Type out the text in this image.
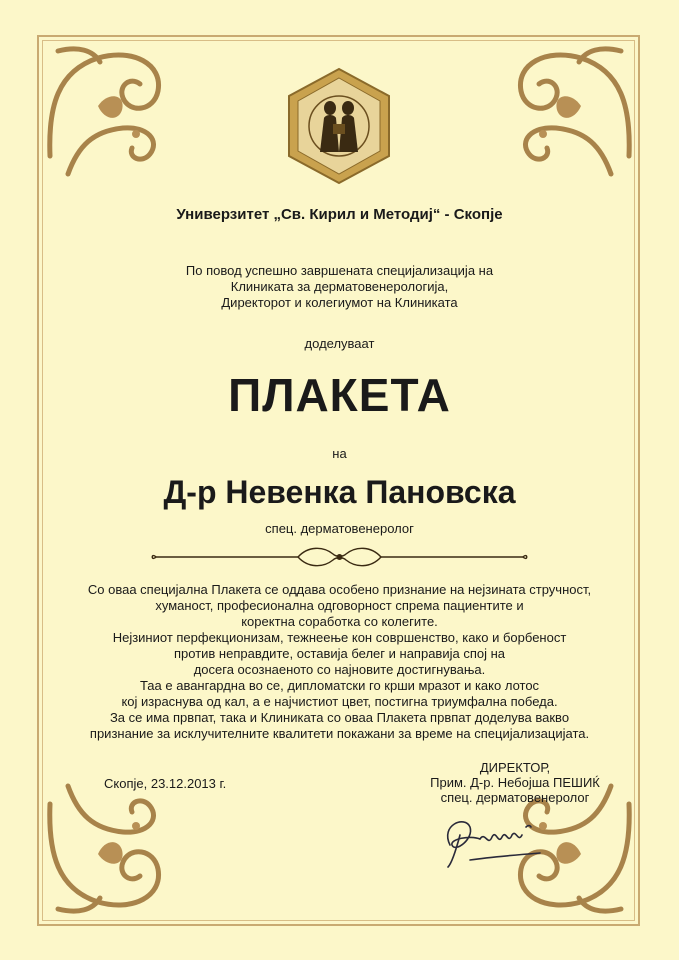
Универзитет „Св. Кирил и Методиј“ - Скопје
По повод успешно завршената специјализација на
Клиниката за дерматовенерологија,
Директорот и колегиумот на Клиниката
доделуваат
ПЛАКЕТА
на
Д-р Невенка Пановска
спец. дерматовенеролог
Со оваа специјална Плакета се оддава особено признание на нејзината стручност,
хуманост, професионална одговорност спрема пациентите и
коректна соработка со колегите.
Нејзиниот перфекционизам, тежнеење кон совршенство, како и борбеност
против неправдите, оставија белег и направија спој на
досега осознаеното со најновите достигнувања.
Таа е авангардна во се, дипломатски го крши мразот и како лотос
кој израснува од кал, а е најчистиот цвет, постигна триумфална победа.
За се има првпат, така и Клиниката со оваа Плакета првпат доделува вакво
признание за исклучителните квалитети покажани за време на специјализацијата.
Скопје, 23.12.2013 г.
ДИРЕКТОР,
Прим. Д-р. Небојша ПЕШИЌ
спец. дерматовенеролог
